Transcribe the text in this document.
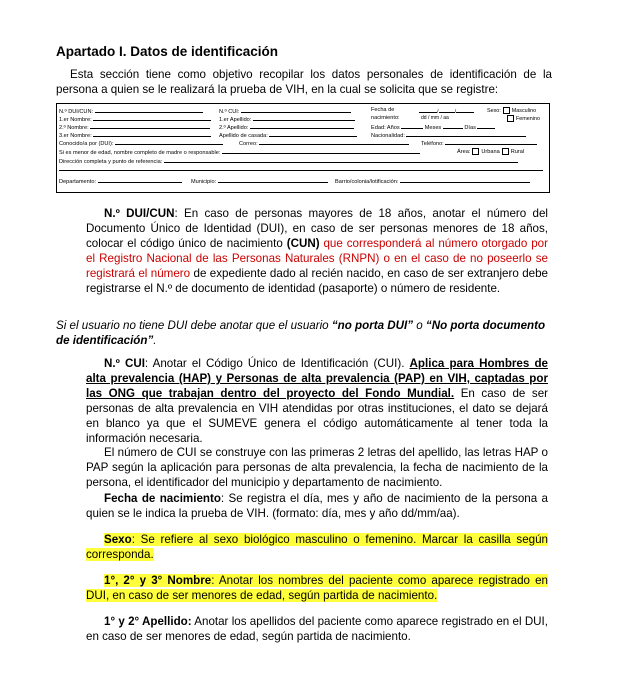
Apartado I. Datos de identificación
Esta sección tiene como objetivo recopilar los datos personales de identificación de la persona a quien se le realizará la prueba de VIH, en la cual se solicita que se registre:
N.º DUI/CUN:	N.º CUI:	Fecha de	/	/	Sexo: Masculino
Femenino
1.er Nombre:	1.er Apellido:	nacimiento:	dd / mm / aa
2.º Nombre:	2.º Apellido:	Edad: Años	Meses	Días
3.er Nombre:	Apellido de casada:	Nacionalidad:
Conocido/a por (DUI):	Correo:	Teléfono:
Si es menor de edad, nombre completo de madre o responsable:	Área: Urbana Rural
Dirección completa y punto de referencia:
Departamento:	Municipio:	Barrio/colonia/lotificación:
N.º DUI/CUN: En caso de personas mayores de 18 años, anotar el número del Documento Único de Identidad (DUI), en caso de ser personas menores de 18 años, colocar el código único de nacimiento (CUN) que corresponderá al número otorgado por el Registro Nacional de las Personas Naturales (RNPN) o en el caso de no poseerlo se registrará el número de expediente dado al recién nacido, en caso de ser extranjero debe registrarse el N.º de documento de identidad (pasaporte) o número de residente.
Si el usuario no tiene DUI debe anotar que el usuario “no porta DUI” o “No porta documento de identificación”.
N.º CUI: Anotar el Código Único de Identificación (CUI). Aplica para Hombres de alta prevalencia (HAP) y Personas de alta prevalencia (PAP) en VIH, captadas por las ONG que trabajan dentro del proyecto del Fondo Mundial. En caso de ser personas de alta prevalencia en VIH atendidas por otras instituciones, el dato se dejará en blanco ya que el SUMEVE genera el código automáticamente al tener toda la información necesaria.
El número de CUI se construye con las primeras 2 letras del apellido, las letras HAP o PAP según la aplicación para personas de alta prevalencia, la fecha de nacimiento de la persona, el identificador del municipio y departamento de nacimiento.
Fecha de nacimiento: Se registra el día, mes y año de nacimiento de la persona a quien se le indica la prueba de VIH. (formato: día, mes y año dd/mm/aa).
Sexo: Se refiere al sexo biológico masculino o femenino. Marcar la casilla según corresponda.
1°, 2° y 3° Nombre: Anotar los nombres del paciente como aparece registrado en DUI, en caso de ser menores de edad, según partida de nacimiento.
1° y 2° Apellido: Anotar los apellidos del paciente como aparece registrado en el DUI, en caso de ser menores de edad, según partida de nacimiento.
